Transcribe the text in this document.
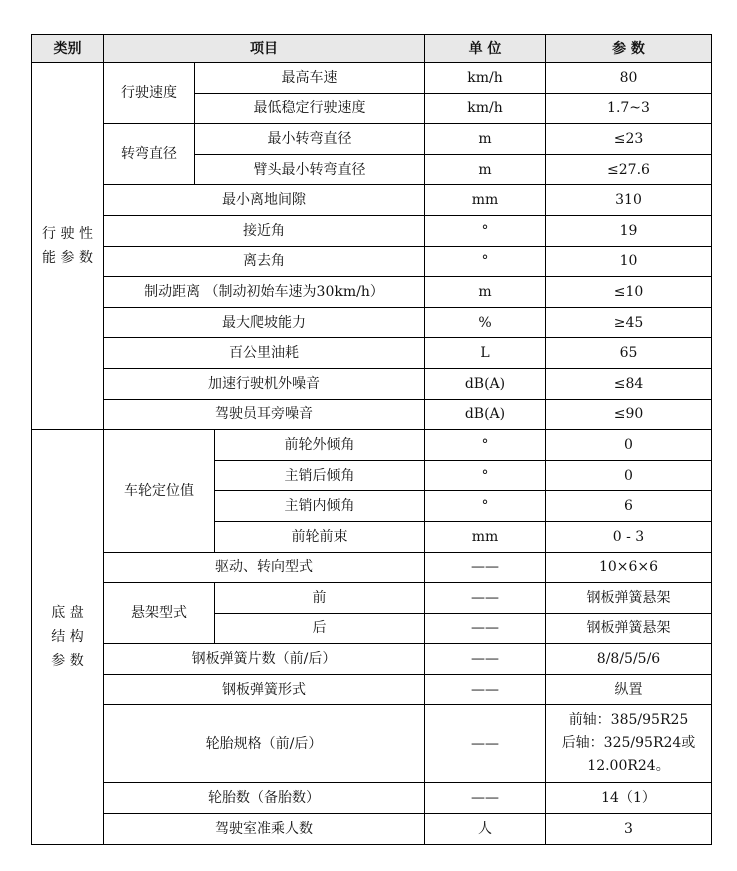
类别	项目			单 位	参 数

行 驶 性
能 参 数	行驶速度	最高车速		km/h	80
		最低稳定行驶速度		km/h	1.7~3
	转弯直径	最小转弯直径		m	≤23
		臂头最小转弯直径		m	≤27.6
	最小离地间隙			mm	310
	接近角			°	19
	离去角			°	10
	制动距离 （制动初始车速为30km/h）			m	≤10
	最大爬坡能力			%	≥45
	百公里油耗			L	65
	加速行驶机外噪音			dB(A)	≤84
	驾驶员耳旁噪音			dB(A)	≤90

底 盘
结 构
参 数	车轮定位值		前轮外倾角	°	0
			主销后倾角	°	0
			主销内倾角	°	6
			前轮前束	mm	0 - 3
	驱动、转向型式			——	10×6×6
	悬架型式		前	——	钢板弹簧悬架
			后	——	钢板弹簧悬架
	钢板弹簧片数（前/后）			——	8/8/5/5/6
	钢板弹簧形式			——	纵置
	轮胎规格（前/后）			——	前轴：385/95R25
后轴：325/95R24或
12.00R24。

	轮胎数（备胎数）			——	14（1）
	驾驶室准乘人数			人	3
